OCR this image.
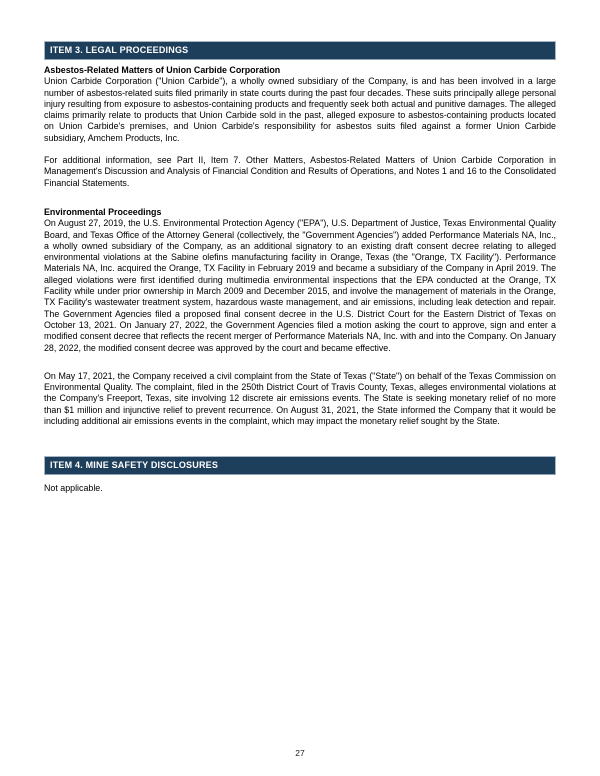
ITEM 3. LEGAL PROCEEDINGS
Asbestos-Related Matters of Union Carbide Corporation

Union Carbide Corporation ("Union Carbide"), a wholly owned subsidiary of the Company, is and has been involved in a large number of asbestos-related suits filed primarily in state courts during the past four decades. These suits principally allege personal injury resulting from exposure to asbestos-containing products and frequently seek both actual and punitive damages. The alleged claims primarily relate to products that Union Carbide sold in the past, alleged exposure to asbestos-containing products located on Union Carbide's premises, and Union Carbide's responsibility for asbestos suits filed against a former Union Carbide subsidiary, Amchem Products, Inc.

For additional information, see Part II, Item 7. Other Matters, Asbestos-Related Matters of Union Carbide Corporation in Management's Discussion and Analysis of Financial Condition and Results of Operations, and Notes 1 and 16 to the Consolidated Financial Statements.

Environmental Proceedings

On August 27, 2019, the U.S. Environmental Protection Agency ("EPA"), U.S. Department of Justice, Texas Environmental Quality Board, and Texas Office of the Attorney General (collectively, the "Government Agencies") added Performance Materials NA, Inc., a wholly owned subsidiary of the Company, as an additional signatory to an existing draft consent decree relating to alleged environmental violations at the Sabine olefins manufacturing facility in Orange, Texas (the "Orange, TX Facility"). Performance Materials NA, Inc. acquired the Orange, TX Facility in February 2019 and became a subsidiary of the Company in April 2019. The alleged violations were first identified during multimedia environmental inspections that the EPA conducted at the Orange, TX Facility while under prior ownership in March 2009 and December 2015, and involve the management of materials in the Orange, TX Facility's wastewater treatment system, hazardous waste management, and air emissions, including leak detection and repair. The Government Agencies filed a proposed final consent decree in the U.S. District Court for the Eastern District of Texas on October 13, 2021. On January 27, 2022, the Government Agencies filed a motion asking the court to approve, sign and enter a modified consent decree that reflects the recent merger of Performance Materials NA, Inc. with and into the Company. On January 28, 2022, the modified consent decree was approved by the court and became effective.

On May 17, 2021, the Company received a civil complaint from the State of Texas ("State") on behalf of the Texas Commission on Environmental Quality. The complaint, filed in the 250th District Court of Travis County, Texas, alleges environmental violations at the Company's Freeport, Texas, site involving 12 discrete air emissions events. The State is seeking monetary relief of no more than $1 million and injunctive relief to prevent recurrence. On August 31, 2021, the State informed the Company that it would be including additional air emissions events in the complaint, which may impact the monetary relief sought by the State.

ITEM 4. MINE SAFETY DISCLOSURES

Not applicable.

27
